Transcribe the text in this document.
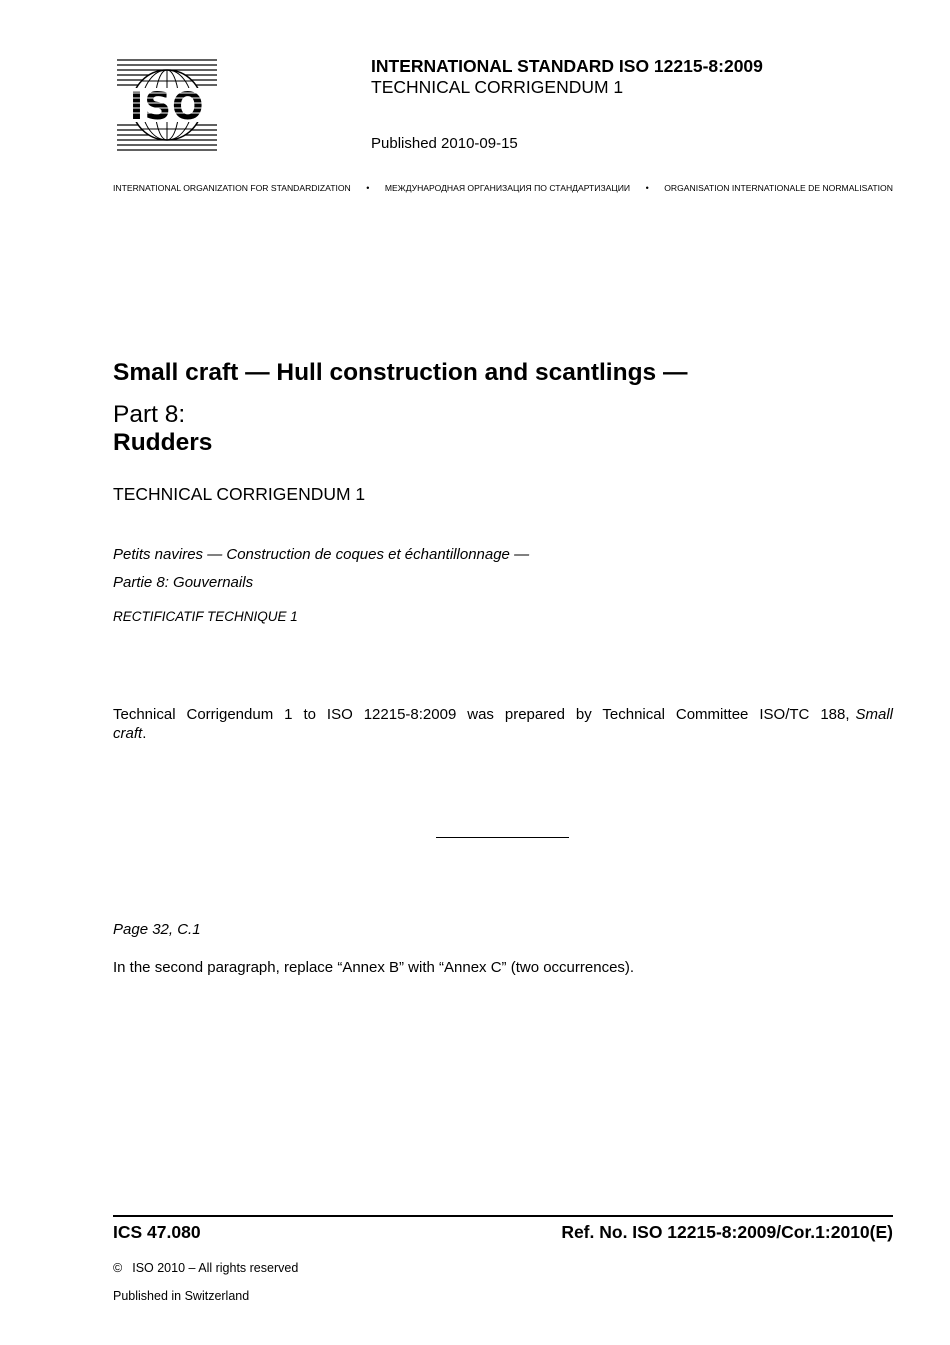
ISO
INTERNATIONAL STANDARD ISO 12215-8:2009
TECHNICAL CORRIGENDUM 1
Published 2010-09-15
INTERNATIONAL ORGANIZATION FOR STANDARDIZATION • МЕЖДУНАРОДНАЯ ОРГАНИЗАЦИЯ ПО СТАНДАРТИЗАЦИИ • ORGANISATION INTERNATIONALE DE NORMALISATION
Small craft — Hull construction and scantlings —
Part 8:
Rudders
TECHNICAL CORRIGENDUM 1
Petits navires — Construction de coques et échantillonnage —
Partie 8: Gouvernails
RECTIFICATIF TECHNIQUE 1
Technical Corrigendum 1 to ISO 12215-8:2009 was prepared by Technical Committee ISO/TC 188, Small craft.
Page 32, C.1
In the second paragraph, replace “Annex B” with “Annex C” (two occurrences).
ICS 47.080	Ref. No. ISO 12215-8:2009/Cor.1:2010(E)
© ISO 2010 – All rights reserved
Published in Switzerland
